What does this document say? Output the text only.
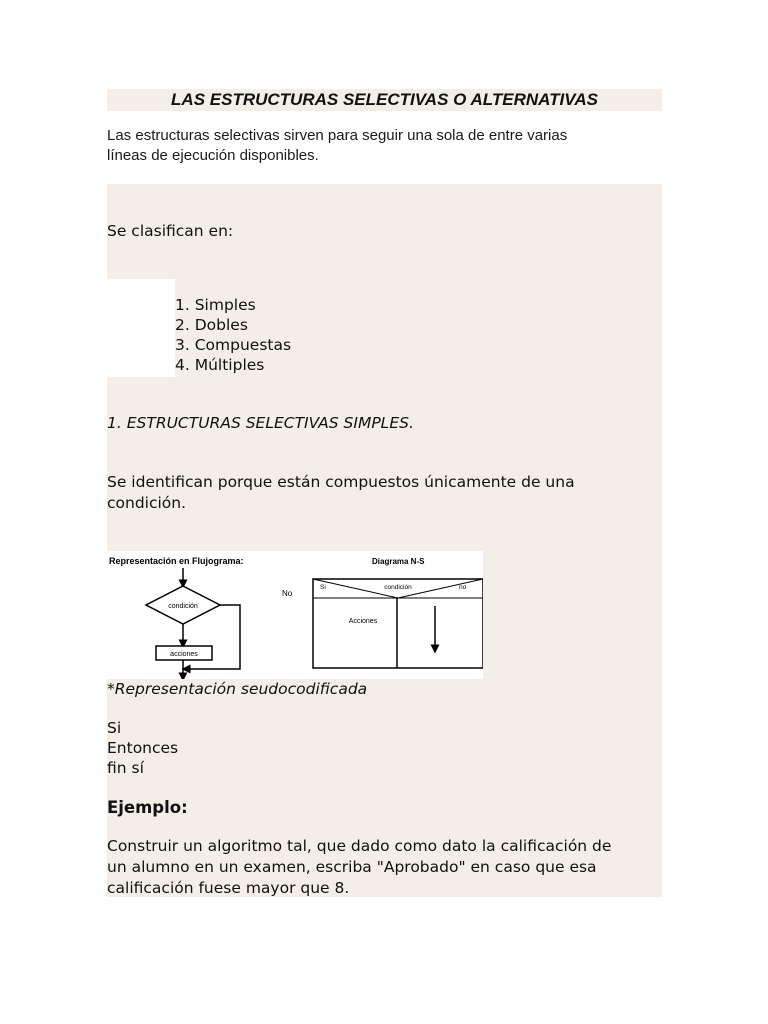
LAS ESTRUCTURAS SELECTIVAS O ALTERNATIVAS

Las estructuras selectivas sirven para seguir una sola de entre varias
líneas de ejecución disponibles.

Se clasifican en:

1. Simples
2. Dobles
3. Compuestas
4. Múltiples

1. ESTRUCTURAS SELECTIVAS SIMPLES.

Se identifican porque están compuestos únicamente de una
condición.

Representación en Flujograma:
condición
acciones
No
Diagrama N-S
Si	condición	no
Acciones

*Representación seudocodificada

Si
Entonces
fin sí

Ejemplo:

Construir un algoritmo tal, que dado como dato la calificación de
un alumno en un examen, escriba "Aprobado" en caso que esa
calificación fuese mayor que 8.
